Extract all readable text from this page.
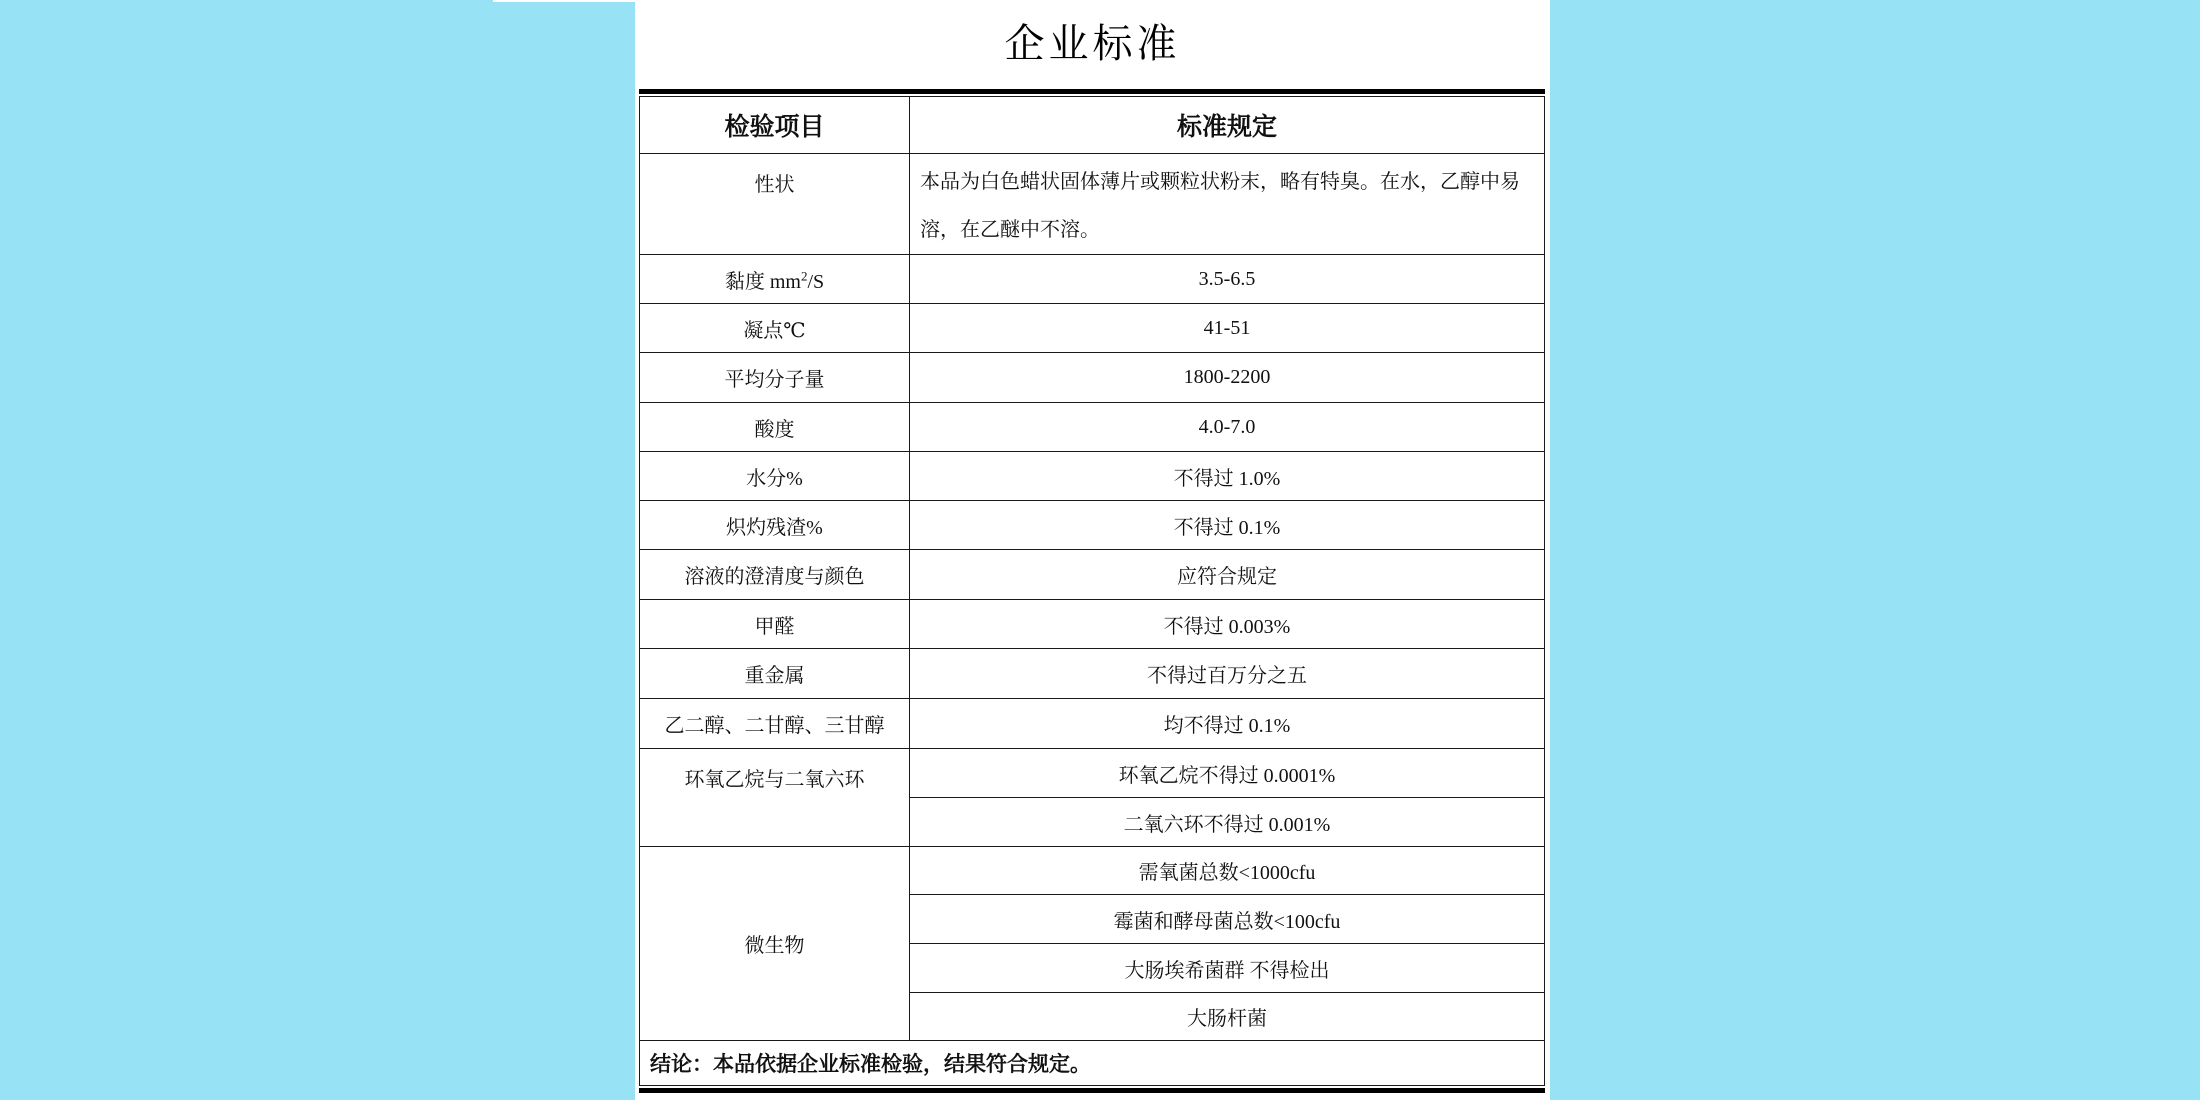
企业标准
检验项目	标准规定
性状	本品为白色蜡状固体薄片或颗粒状粉末，略有特臭。在水，乙醇中易溶，在乙醚中不溶。
黏度 $mm^2/S$	3.5-6.5
凝点℃	41-51
平均分子量	1800-2200
酸度	4.0-7.0
水分%	不得过 1.0%
炽灼残渣%	不得过 0.1%
溶液的澄清度与颜色	应符合规定
甲醛	不得过 0.003%
重金属	不得过百万分之五
乙二醇、二甘醇、三甘醇	均不得过 0.1%
环氧乙烷与二氧六环	环氧乙烷不得过 0.0001%
	二氧六环不得过 0.001%
微生物	需氧菌总数<1000cfu
	霉菌和酵母菌总数<100cfu
	大肠埃希菌群 不得检出
	大肠杆菌
结论：本品依据企业标准检验，结果符合规定。	
